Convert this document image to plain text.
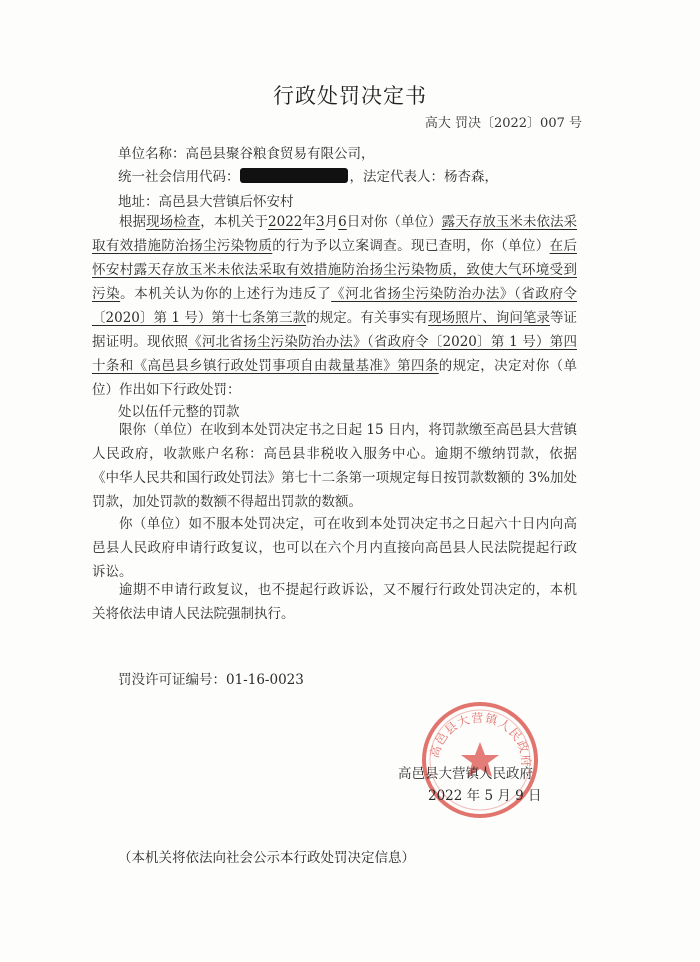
行政处罚决定书
高大 罚决〔2022〕007 号
单位名称：高邑县聚谷粮食贸易有限公司，
统一社会信用代码：	，法定代表人：杨杏森，
地址：高邑县大营镇后怀安村
根据现场检查，本机关于2022年3月6日对你（单位）露天存放玉米未依法采取有效措施防治扬尘污染物质的行为予以立案调查。现已查明，你（单位）在后怀安村露天存放玉米未依法采取有效措施防治扬尘污染物质，致使大气环境受到污染。本机关认为你的上述行为违反了《河北省扬尘污染防治办法》（省政府令〔2020〕第 1 号）第十七条第三款的规定。有关事实有现场照片、询问笔录等证据证明。现依照《河北省扬尘污染防治办法》（省政府令〔2020〕第 1 号）第四十条和《高邑县乡镇行政处罚事项自由裁量基准》第四条的规定，决定对你（单位）作出如下行政处罚：
处以伍仟元整的罚款
限你（单位）在收到本处罚决定书之日起 15 日内，将罚款缴至高邑县大营镇人民政府，收款账户名称：高邑县非税收入服务中心。逾期不缴纳罚款，依据《中华人民共和国行政处罚法》第七十二条第一项规定每日按罚款数额的 3%加处罚款，加处罚款的数额不得超出罚款的数额。
你（单位）如不服本处罚决定，可在收到本处罚决定书之日起六十日内向高邑县人民政府申请行政复议，也可以在六个月内直接向高邑县人民法院提起行政诉讼。
逾期不申请行政复议，也不提起行政诉讼，又不履行行政处罚决定的，本机关将依法申请人民法院强制执行。
罚没许可证编号：01-16-0023
高邑县大营镇人民政府
高邑县大营镇人民政府
2022 年 5 月 9 日
（本机关将依法向社会公示本行政处罚决定信息）
